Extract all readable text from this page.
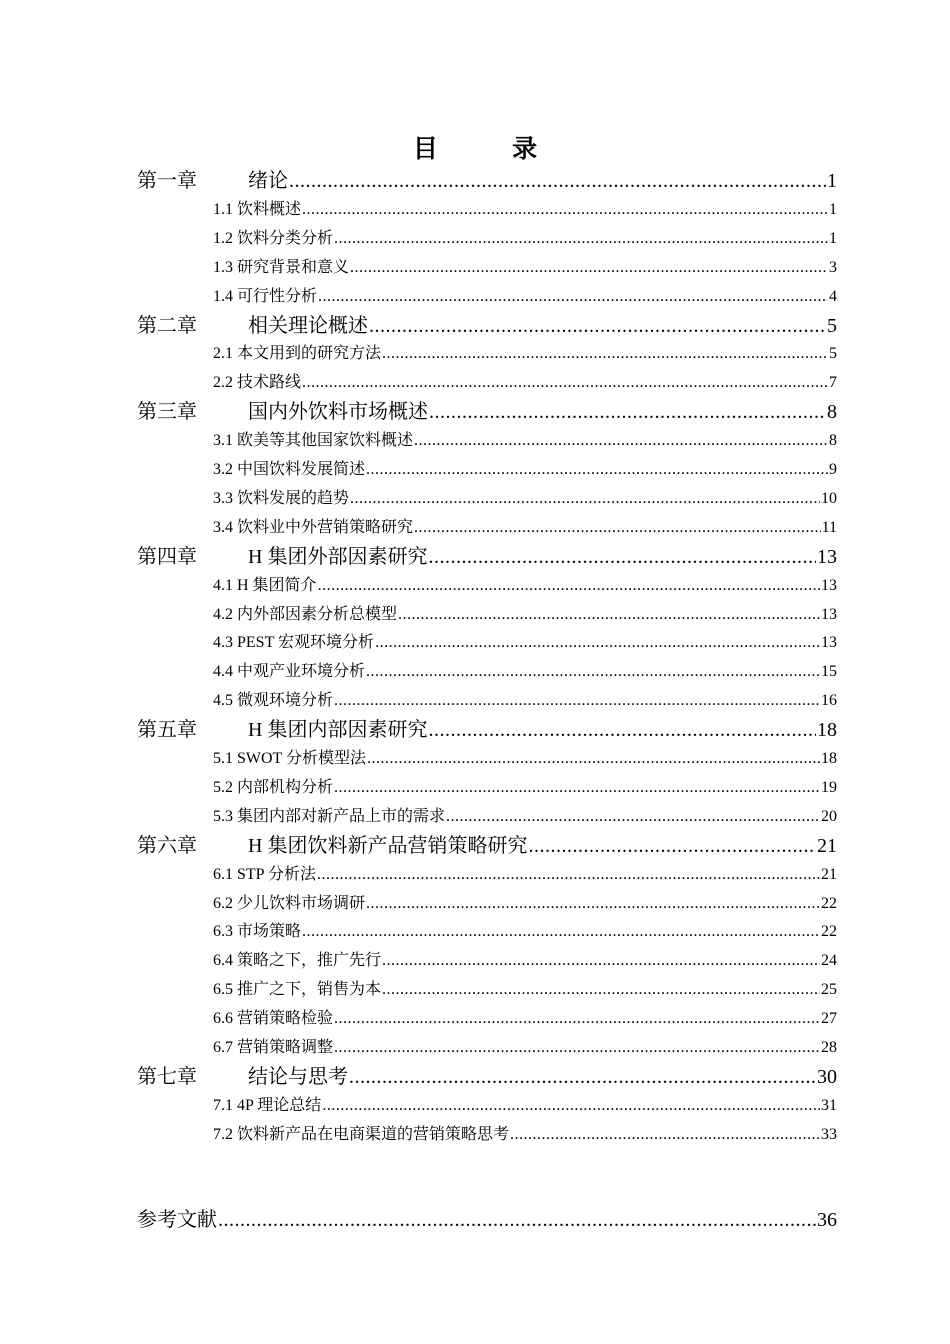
目 录
第一章	绪论 .....	1
1.1 饮料概述 .....	1
1.2 饮料分类分析 .....	1
1.3 研究背景和意义 .....	3
1.4 可行性分析 .....	4
第二章	相关理论概述 .....	5
2.1 本文用到的研究方法 .....	5
2.2 技术路线 .....	7
第三章	国内外饮料市场概述 .....	8
3.1 欧美等其他国家饮料概述 .....	8
3.2 中国饮料发展简述 .....	9
3.3 饮料发展的趋势 .....	10
3.4 饮料业中外营销策略研究 .....	11
第四章	H 集团外部因素研究 .....	13
4.1 H 集团简介 .....	13
4.2 内外部因素分析总模型 .....	13
4.3 PEST 宏观环境分析 .....	13
4.4 中观产业环境分析 .....	15
4.5 微观环境分析 .....	16
第五章	H 集团内部因素研究 .....	18
5.1 SWOT 分析模型法 .....	18
5.2 内部机构分析 .....	19
5.3 集团内部对新产品上市的需求 .....	20
第六章	H 集团饮料新产品营销策略研究 .....	21
6.1 STP 分析法 .....	21
6.2 少儿饮料市场调研 .....	22
6.3 市场策略 .....	22
6.4 策略之下，推广先行 .....	24
6.5 推广之下，销售为本 .....	25
6.6 营销策略检验 .....	27
6.7 营销策略调整 .....	28
第七章	结论与思考 .....	30
7.1 4P 理论总结 .....	31
7.2 饮料新产品在电商渠道的营销策略思考 .....	33
参考文献 .....	36
